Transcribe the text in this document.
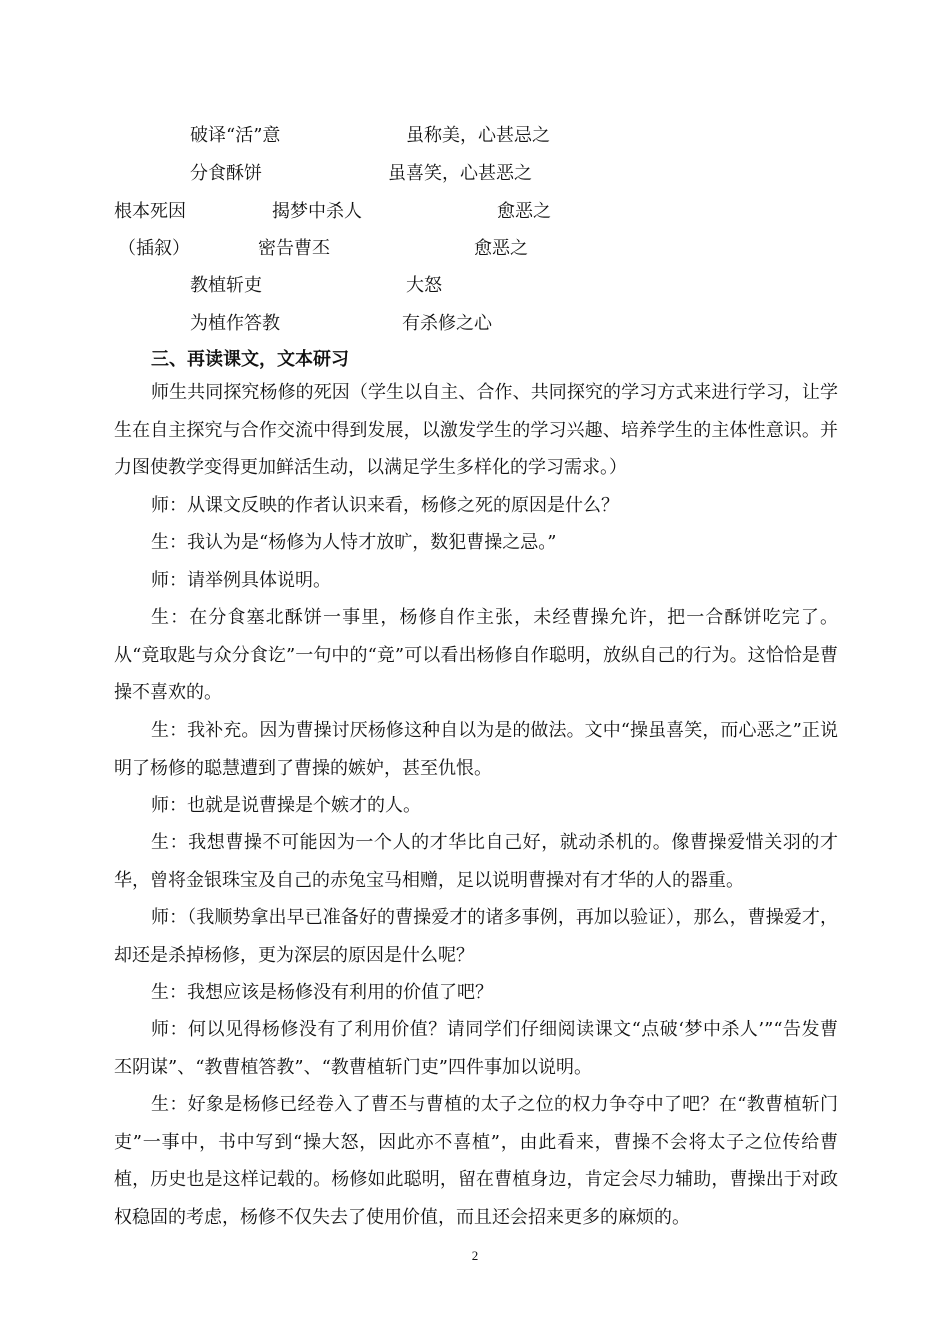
破译“活”意	虽称美，心甚忌之
分食酥饼	虽喜笑，心甚恶之
根本死因	揭梦中杀人	愈恶之
（插叙）	密告曹丕	愈恶之
教植斩吏	大怒
为植作答教	有杀修之心
三、再读课文，文本研习
师生共同探究杨修的死因（学生以自主、合作、共同探究的学习方式来进行学习，让学生在自主探究与合作交流中得到发展，以激发学生的学习兴趣、培养学生的主体性意识。并力图使教学变得更加鲜活生动，以满足学生多样化的学习需求。）
师：从课文反映的作者认识来看，杨修之死的原因是什么？
生：我认为是“杨修为人恃才放旷，数犯曹操之忌。”
师：请举例具体说明。
生：在分食塞北酥饼一事里，杨修自作主张，未经曹操允许，把一合酥饼吃完了。从“竟取匙与众分食讫”一句中的“竟”可以看出杨修自作聪明，放纵自己的行为。这恰恰是曹操不喜欢的。
生：我补充。因为曹操讨厌杨修这种自以为是的做法。文中“操虽喜笑，而心恶之”正说明了杨修的聪慧遭到了曹操的嫉妒，甚至仇恨。
师：也就是说曹操是个嫉才的人。
生：我想曹操不可能因为一个人的才华比自己好，就动杀机的。像曹操爱惜关羽的才华，曾将金银珠宝及自己的赤兔宝马相赠，足以说明曹操对有才华的人的器重。
师：（我顺势拿出早已准备好的曹操爱才的诸多事例，再加以验证），那么，曹操爱才，却还是杀掉杨修，更为深层的原因是什么呢？
生：我想应该是杨修没有利用的价值了吧？
师：何以见得杨修没有了利用价值？请同学们仔细阅读课文“点破‘梦中杀人’”“告发曹丕阴谋”、“教曹植答教”、“教曹植斩门吏”四件事加以说明。
生：好象是杨修已经卷入了曹丕与曹植的太子之位的权力争夺中了吧？在“教曹植斩门吏”一事中，书中写到“操大怒，因此亦不喜植”，由此看来，曹操不会将太子之位传给曹植，历史也是这样记载的。杨修如此聪明，留在曹植身边，肯定会尽力辅助，曹操出于对政权稳固的考虑，杨修不仅失去了使用价值，而且还会招来更多的麻烦的。
2
